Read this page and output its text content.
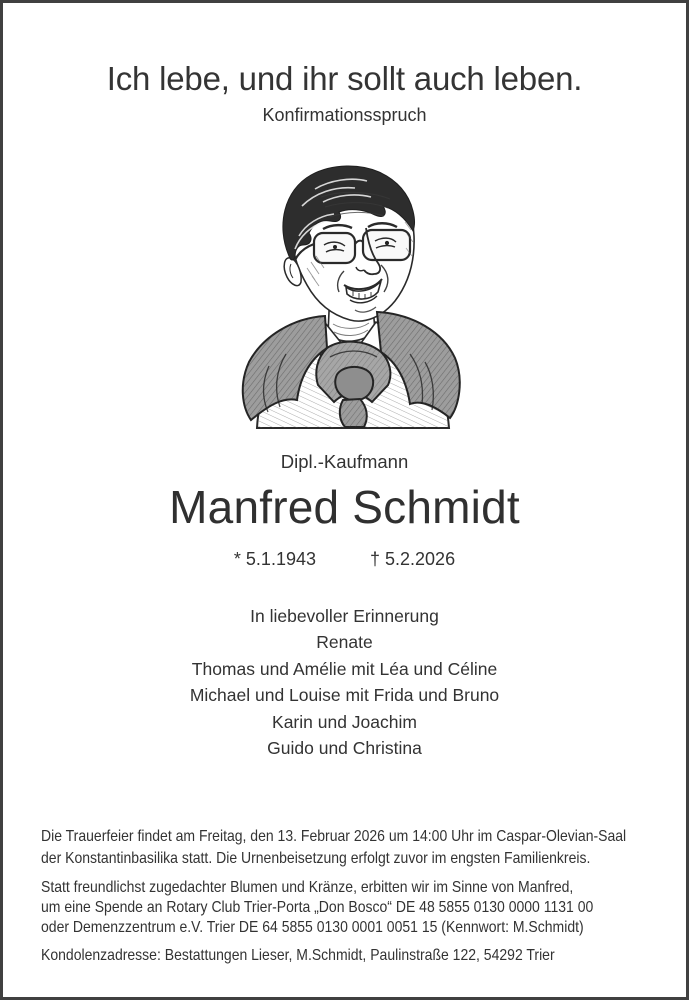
Ich lebe, und ihr sollt auch leben.
Konfirmationsspruch
Dipl.-Kaufmann
Manfred Schmidt
* 5.1.1943	† 5.2.2026
In liebevoller Erinnerung
Renate
Thomas und Amélie mit Léa und Céline
Michael und Louise mit Frida und Bruno
Karin und Joachim
Guido und Christina
Die Trauerfeier findet am Freitag, den 13. Februar 2026 um 14:00 Uhr im Caspar-Olevian-Saal
der Konstantinbasilika statt. Die Urnenbeisetzung erfolgt zuvor im engsten Familienkreis.
Statt freundlichst zugedachter Blumen und Kränze, erbitten wir im Sinne von Manfred,
um eine Spende an Rotary Club Trier-Porta „Don Bosco“ DE 48 5855 0130 0000 1131 00
oder Demenzzentrum e.V. Trier DE 64 5855 0130 0001 0051 15 (Kennwort: M.Schmidt)
Kondolenzadresse: Bestattungen Lieser, M.Schmidt, Paulinstraße 122, 54292 Trier
